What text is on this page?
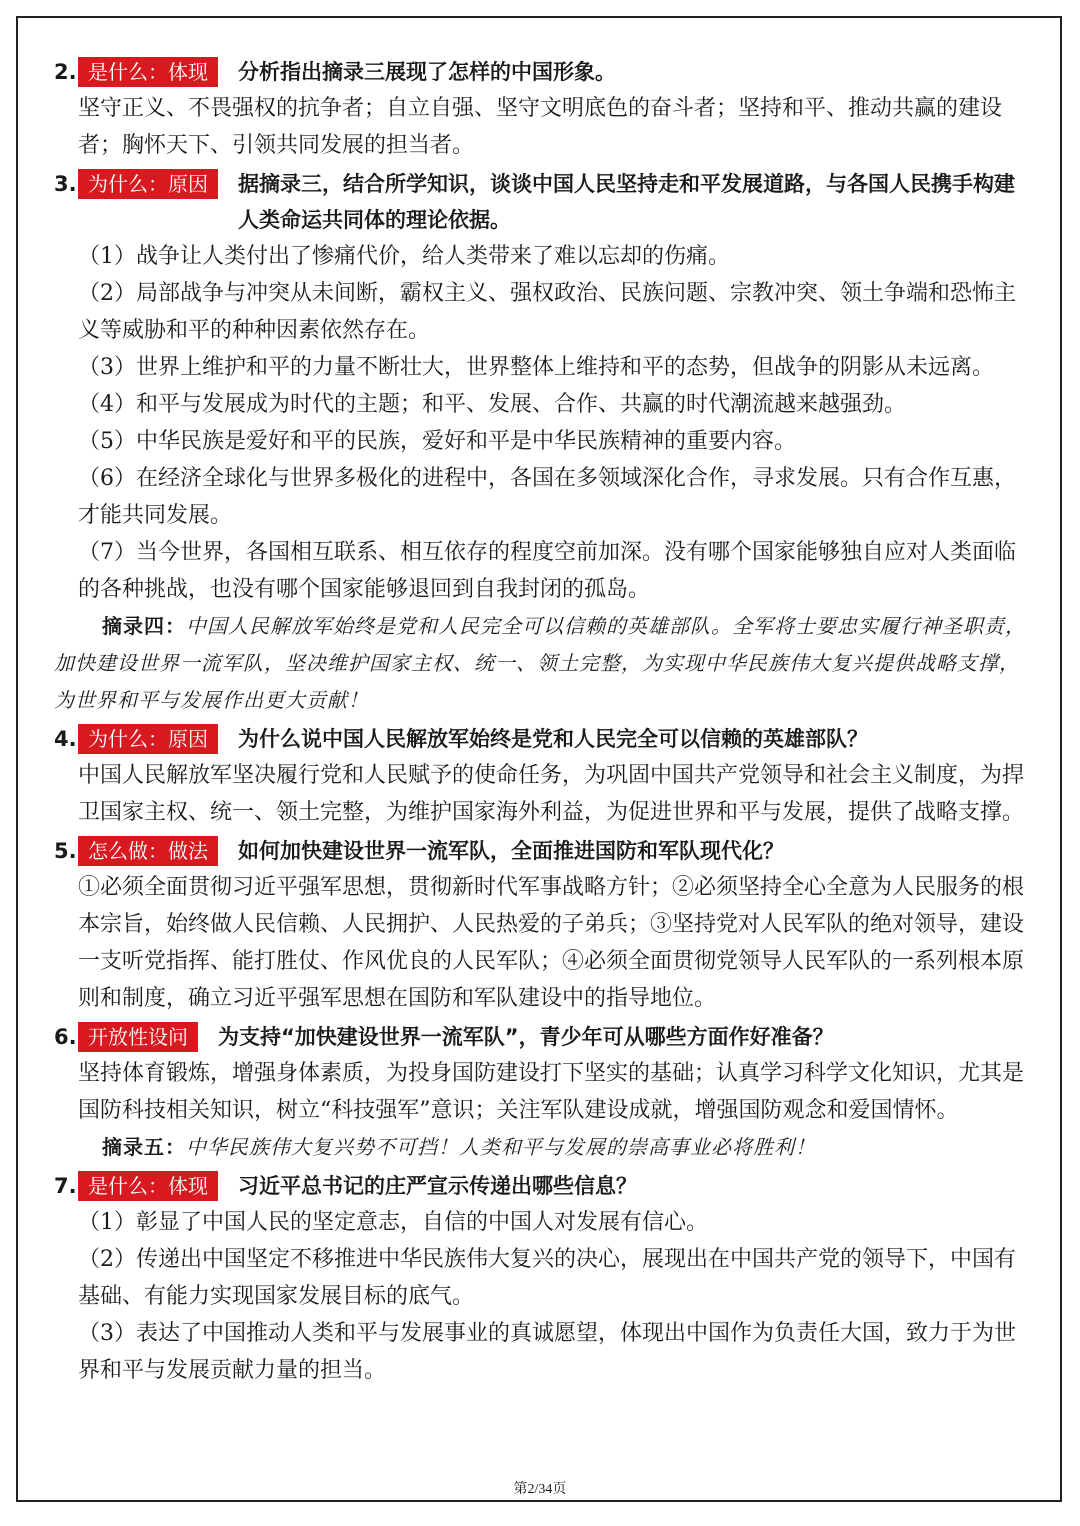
2. 是什么：体现	分析指出摘录三展现了怎样的中国形象。

坚守正义、不畏强权的抗争者；自立自强、坚守文明底色的奋斗者；坚持和平、推动共赢的建设者；胸怀天下、引领共同发展的担当者。

3. 为什么：原因	据摘录三，结合所学知识，谈谈中国人民坚持走和平发展道路，与各国人民携手构建人类命运共同体的理论依据。

（1）战争让人类付出了惨痛代价，给人类带来了难以忘却的伤痛。

（2）局部战争与冲突从未间断，霸权主义、强权政治、民族问题、宗教冲突、领土争端和恐怖主义等威胁和平的种种因素依然存在。

（3）世界上维护和平的力量不断壮大，世界整体上维持和平的态势，但战争的阴影从未远离。

（4）和平与发展成为时代的主题；和平、发展、合作、共赢的时代潮流越来越强劲。

（5）中华民族是爱好和平的民族，爱好和平是中华民族精神的重要内容。

（6）在经济全球化与世界多极化的进程中，各国在多领域深化合作，寻求发展。只有合作互惠，才能共同发展。

（7）当今世界，各国相互联系、相互依存的程度空前加深。没有哪个国家能够独自应对人类面临的各种挑战，也没有哪个国家能够退回到自我封闭的孤岛。

摘录四：中国人民解放军始终是党和人民完全可以信赖的英雄部队。全军将士要忠实履行神圣职责，加快建设世界一流军队，坚决维护国家主权、统一、领土完整，为实现中华民族伟大复兴提供战略支撑，为世界和平与发展作出更大贡献！

4. 为什么：原因	为什么说中国人民解放军始终是党和人民完全可以信赖的英雄部队？

中国人民解放军坚决履行党和人民赋予的使命任务，为巩固中国共产党领导和社会主义制度，为捍卫国家主权、统一、领土完整，为维护国家海外利益，为促进世界和平与发展，提供了战略支撑。

5. 怎么做：做法	如何加快建设世界一流军队，全面推进国防和军队现代化？

①必须全面贯彻习近平强军思想，贯彻新时代军事战略方针；②必须坚持全心全意为人民服务的根本宗旨，始终做人民信赖、人民拥护、人民热爱的子弟兵；③坚持党对人民军队的绝对领导，建设一支听党指挥、能打胜仗、作风优良的人民军队；④必须全面贯彻党领导人民军队的一系列根本原则和制度，确立习近平强军思想在国防和军队建设中的指导地位。

6. 开放性设问	为支持“加快建设世界一流军队”，青少年可从哪些方面作好准备？

坚持体育锻炼，增强身体素质，为投身国防建设打下坚实的基础；认真学习科学文化知识，尤其是国防科技相关知识，树立“科技强军”意识；关注军队建设成就，增强国防观念和爱国情怀。

摘录五：中华民族伟大复兴势不可挡！人类和平与发展的崇高事业必将胜利！

7. 是什么：体现	习近平总书记的庄严宣示传递出哪些信息？

（1）彰显了中国人民的坚定意志，自信的中国人对发展有信心。

（2）传递出中国坚定不移推进中华民族伟大复兴的决心，展现出在中国共产党的领导下，中国有基础、有能力实现国家发展目标的底气。

（3）表达了中国推动人类和平与发展事业的真诚愿望，体现出中国作为负责任大国，致力于为世界和平与发展贡献力量的担当。

第2/34页
